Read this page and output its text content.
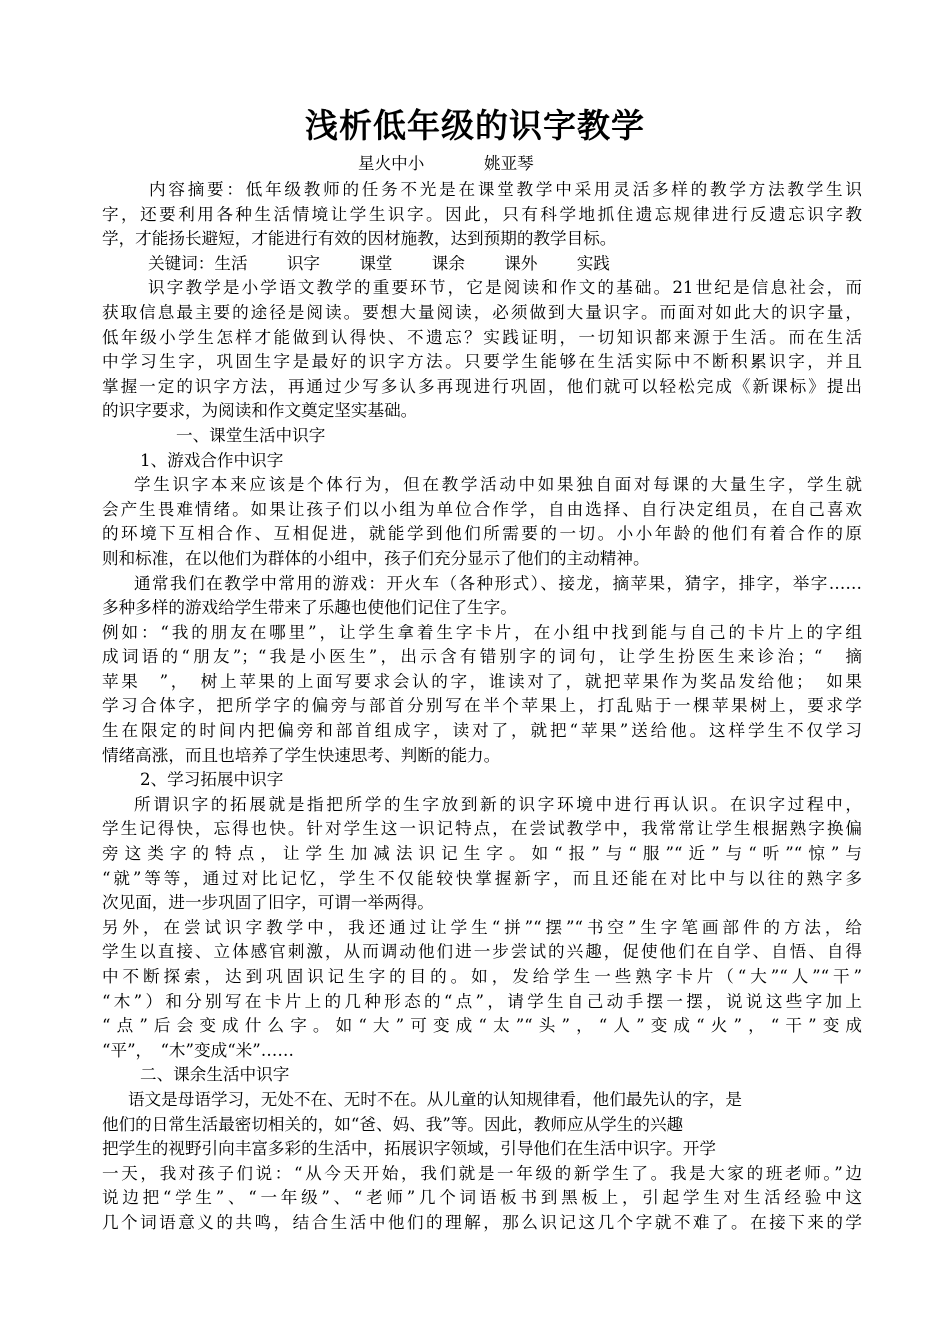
浅析低年级的识字教学
星火中小	姚亚琴
内容摘要：低年级教师的任务不光是在课堂教学中采用灵活多样的教学方法教学生识
字，还要利用各种生活情境让学生识字。因此，只有科学地抓住遗忘规律进行反遗忘识字教
学，才能扬长避短，才能进行有效的因材施教，达到预期的教学目标。
关键词：生活 识字 课堂 课余 课外 实践
识字教学是小学语文教学的重要环节，它是阅读和作文的基础。21世纪是信息社会，而
获取信息最主要的途径是阅读。要想大量阅读，必须做到大量识字。而面对如此大的识字量，
低年级小学生怎样才能做到认得快、不遗忘？实践证明，一切知识都来源于生活。而在生活
中学习生字，巩固生字是最好的识字方法。只要学生能够在生活实际中不断积累识字，并且
掌握一定的识字方法，再通过少写多认多再现进行巩固，他们就可以轻松完成《新课标》提出
的识字要求，为阅读和作文奠定坚实基础。
一、课堂生活中识字
1、游戏合作中识字
学生识字本来应该是个体行为，但在教学活动中如果独自面对每课的大量生字，学生就
会产生畏难情绪。如果让孩子们以小组为单位合作学，自由选择、自行决定组员，在自己喜欢
的环境下互相合作、互相促进，就能学到他们所需要的一切。小小年龄的他们有着合作的原
则和标准，在以他们为群体的小组中，孩子们充分显示了他们的主动精神。
通常我们在教学中常用的游戏：开火车（各种形式）、接龙，摘苹果，猜字，排字，举字……
多种多样的游戏给学生带来了乐趣也使他们记住了生字。
例如：“我的朋友在哪里”，让学生拿着生字卡片，在小组中找到能与自己的卡片上的字组
成词语的“朋友”；“我是小医生”，出示含有错别字的词句，让学生扮医生来诊治；“　摘
苹果　”，　树上苹果的上面写要求会认的字，谁读对了，就把苹果作为奖品发给他；　如果
学习合体字，把所学字的偏旁与部首分别写在半个苹果上，打乱贴于一棵苹果树上，要求学
生在限定的时间内把偏旁和部首组成字，读对了，就把“苹果”送给他。这样学生不仅学习
情绪高涨，而且也培养了学生快速思考、判断的能力。
2、学习拓展中识字
所谓识字的拓展就是指把所学的生字放到新的识字环境中进行再认识。在识字过程中，
学生记得快，忘得也快。针对学生这一识记特点，在尝试教学中，我常常让学生根据熟字换偏
旁这类字的特点，让学生加减法识记生字。如“报”与“服”“近”与“听”“惊”与
“就”等等，通过对比记忆，学生不仅能较快掌握新字，而且还能在对比中与以往的熟字多
次见面，进一步巩固了旧字，可谓一举两得。
另外，在尝试识字教学中，我还通过让学生“拼”“摆”“书空”生字笔画部件的方法，给
学生以直接、立体感官刺激，从而调动他们进一步尝试的兴趣，促使他们在自学、自悟、自得
中不断探索，达到巩固识记生字的目的。如，发给学生一些熟字卡片（“大”“人”“干”
“木”）和分别写在卡片上的几种形态的“点”，请学生自己动手摆一摆，说说这些字加上
“点”后会变成什么字。如“大”可变成“太”“头”，“人”变成“火”，“干”变成
“平”，　“木”变成“米”……
二、课余生活中识字
语文是母语学习，无处不在、无时不在。从儿童的认知规律看，他们最先认的字，是
他们的日常生活最密切相关的，如“爸、妈、我”等。因此，教师应从学生的兴趣
把学生的视野引向丰富多彩的生活中，拓展识字领域，引导他们在生活中识字。开学
一天，我对孩子们说：“从今天开始，我们就是一年级的新学生了。我是大家的班老师。”边
说边把“学生”、“一年级”、“老师”几个词语板书到黑板上，引起学生对生活经验中这
几个词语意义的共鸣，结合生活中他们的理解，那么识记这几个字就不难了。在接下来的学
